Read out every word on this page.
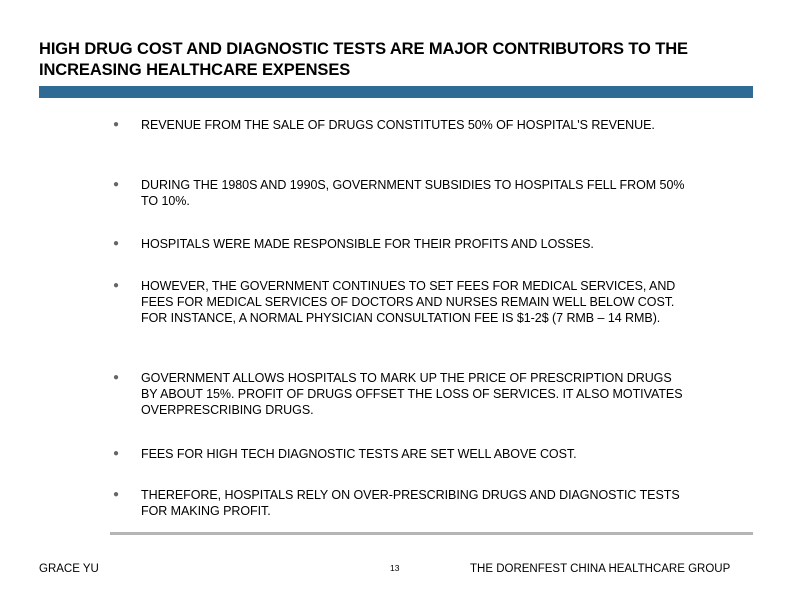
HIGH DRUG COST AND DIAGNOSTIC TESTS ARE MAJOR CONTRIBUTORS TO THE INCREASING HEALTHCARE EXPENSES
●	REVENUE FROM THE SALE OF DRUGS CONSTITUTES 50% OF HOSPITAL'S REVENUE.
●	DURING THE 1980S AND 1990S, GOVERNMENT SUBSIDIES TO HOSPITALS FELL FROM 50% TO 10%.
●	HOSPITALS WERE MADE RESPONSIBLE FOR THEIR PROFITS AND LOSSES.
●	HOWEVER, THE GOVERNMENT CONTINUES TO SET FEES FOR MEDICAL SERVICES, AND FEES FOR MEDICAL SERVICES OF DOCTORS AND NURSES REMAIN WELL BELOW COST. FOR INSTANCE, A NORMAL PHYSICIAN CONSULTATION FEE IS $1-2$ (7 RMB – 14 RMB).
●	GOVERNMENT ALLOWS HOSPITALS TO MARK UP THE PRICE OF PRESCRIPTION DRUGS BY ABOUT 15%. PROFIT OF DRUGS OFFSET THE LOSS OF SERVICES. IT ALSO MOTIVATES OVERPRESCRIBING DRUGS.
●	FEES FOR HIGH TECH DIAGNOSTIC TESTS ARE SET WELL ABOVE COST.
●	THEREFORE, HOSPITALS RELY ON OVER-PRESCRIBING DRUGS AND DIAGNOSTIC TESTS FOR MAKING PROFIT.
GRACE YU	13	THE DORENFEST CHINA HEALTHCARE GROUP
